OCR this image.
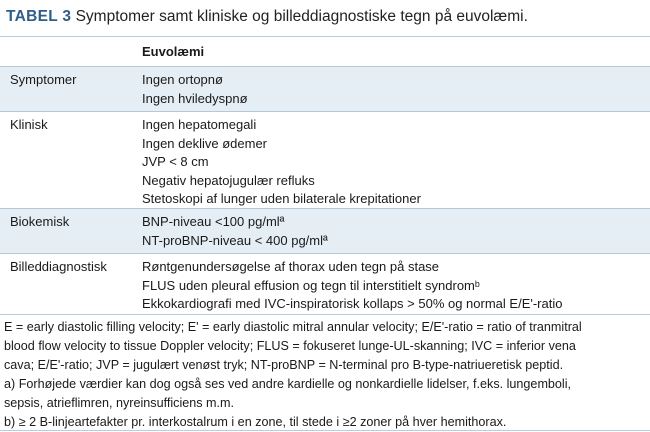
TABEL 3 Symptomer samt kliniske og billeddiagnostiske tegn på euvolæmi.
Euvolæmi
Symptomer	Ingen ortopnø
Ingen hviledyspnø
Klinisk	Ingen hepatomegali
Ingen deklive ødemer
JVP < 8 cm
Negativ hepatojugulær refluks
Stetoskopi af lunger uden bilaterale krepitationer
Biokemisk	BNP-niveau <100 pg/mlª
NT-proBNP-niveau < 400 pg/mlª
Billeddiagnostisk	Røntgenundersøgelse af thorax uden tegn på stase
FLUS uden pleural effusion og tegn til interstitielt syndromᵇ
Ekkokardiografi med IVC-inspiratorisk kollaps > 50% og normal E/E'-ratio
E = early diastolic filling velocity; E' = early diastolic mitral annular velocity; E/E'-ratio = ratio of tranmitral
blood flow velocity to tissue Doppler velocity; FLUS = fokuseret lunge-UL-skanning; IVC = inferior vena
cava; E/E'-ratio; JVP = jugulært venøst tryk; NT-proBNP = N-terminal pro B-type-natriueretisk peptid.
a) Forhøjede værdier kan dog også ses ved andre kardielle og nonkardielle lidelser, f.eks. lungemboli,
sepsis, atrieflimren, nyreinsufficiens m.m.
b) ≥ 2 B-linjeartefakter pr. interkostalrum i en zone, til stede i ≥2 zoner på hver hemithorax.
